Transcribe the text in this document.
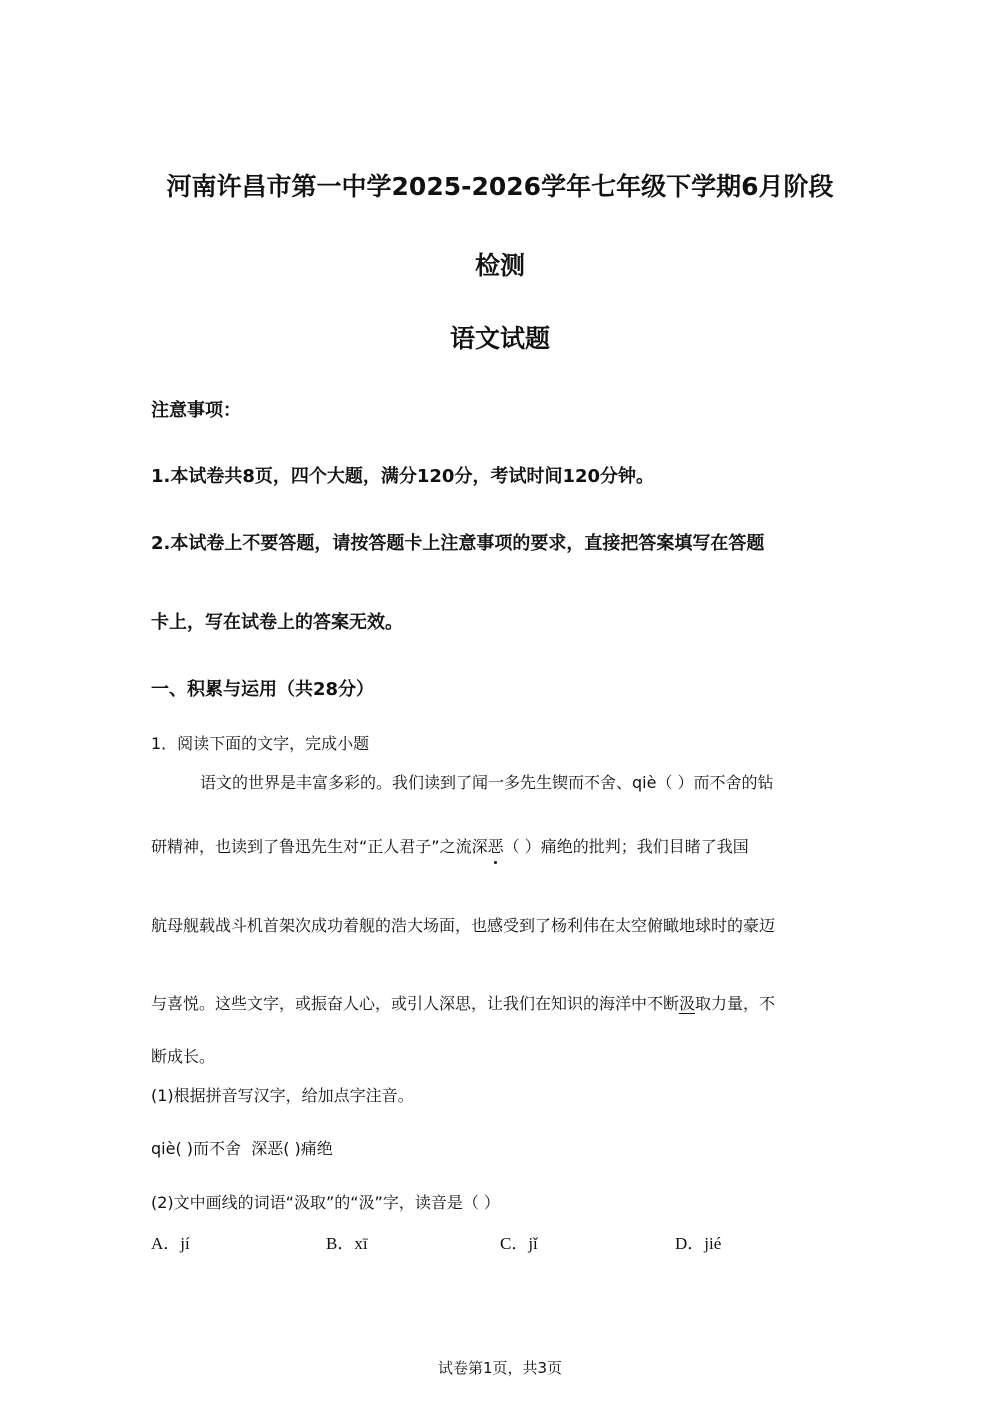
河南许昌市第一中学2025-2026学年七年级下学期6月阶段
检测
语文试题
注意事项：
1.本试卷共8页，四个大题，满分120分，考试时间120分钟。
2.本试卷上不要答题，请按答题卡上注意事项的要求，直接把答案填写在答题
卡上，写在试卷上的答案无效。
一、积累与运用（共28分）
1．阅读下面的文字，完成小题
语文的世界是丰富多彩的。我们读到了闻一多先生锲而不舍、qiè（ ）而不舍的钻
研精神，也读到了鲁迅先生对“正人君子”之流深恶（ ）痛绝的批判；我们目睹了我国
航母舰载战斗机首架次成功着舰的浩大场面，也感受到了杨利伟在太空俯瞰地球时的豪迈
与喜悦。这些文字，或振奋人心，或引人深思，让我们在知识的海洋中不断汲取力量，不
断成长。
(1)根据拼音写汉字，给加点字注音。
qiè( )而不舍 深恶( )痛绝
(2)文中画线的词语“汲取”的“汲”字，读音是（ ）
A．jí	B．xī	C．jǐ	D．jié
试卷第1页，共3页
